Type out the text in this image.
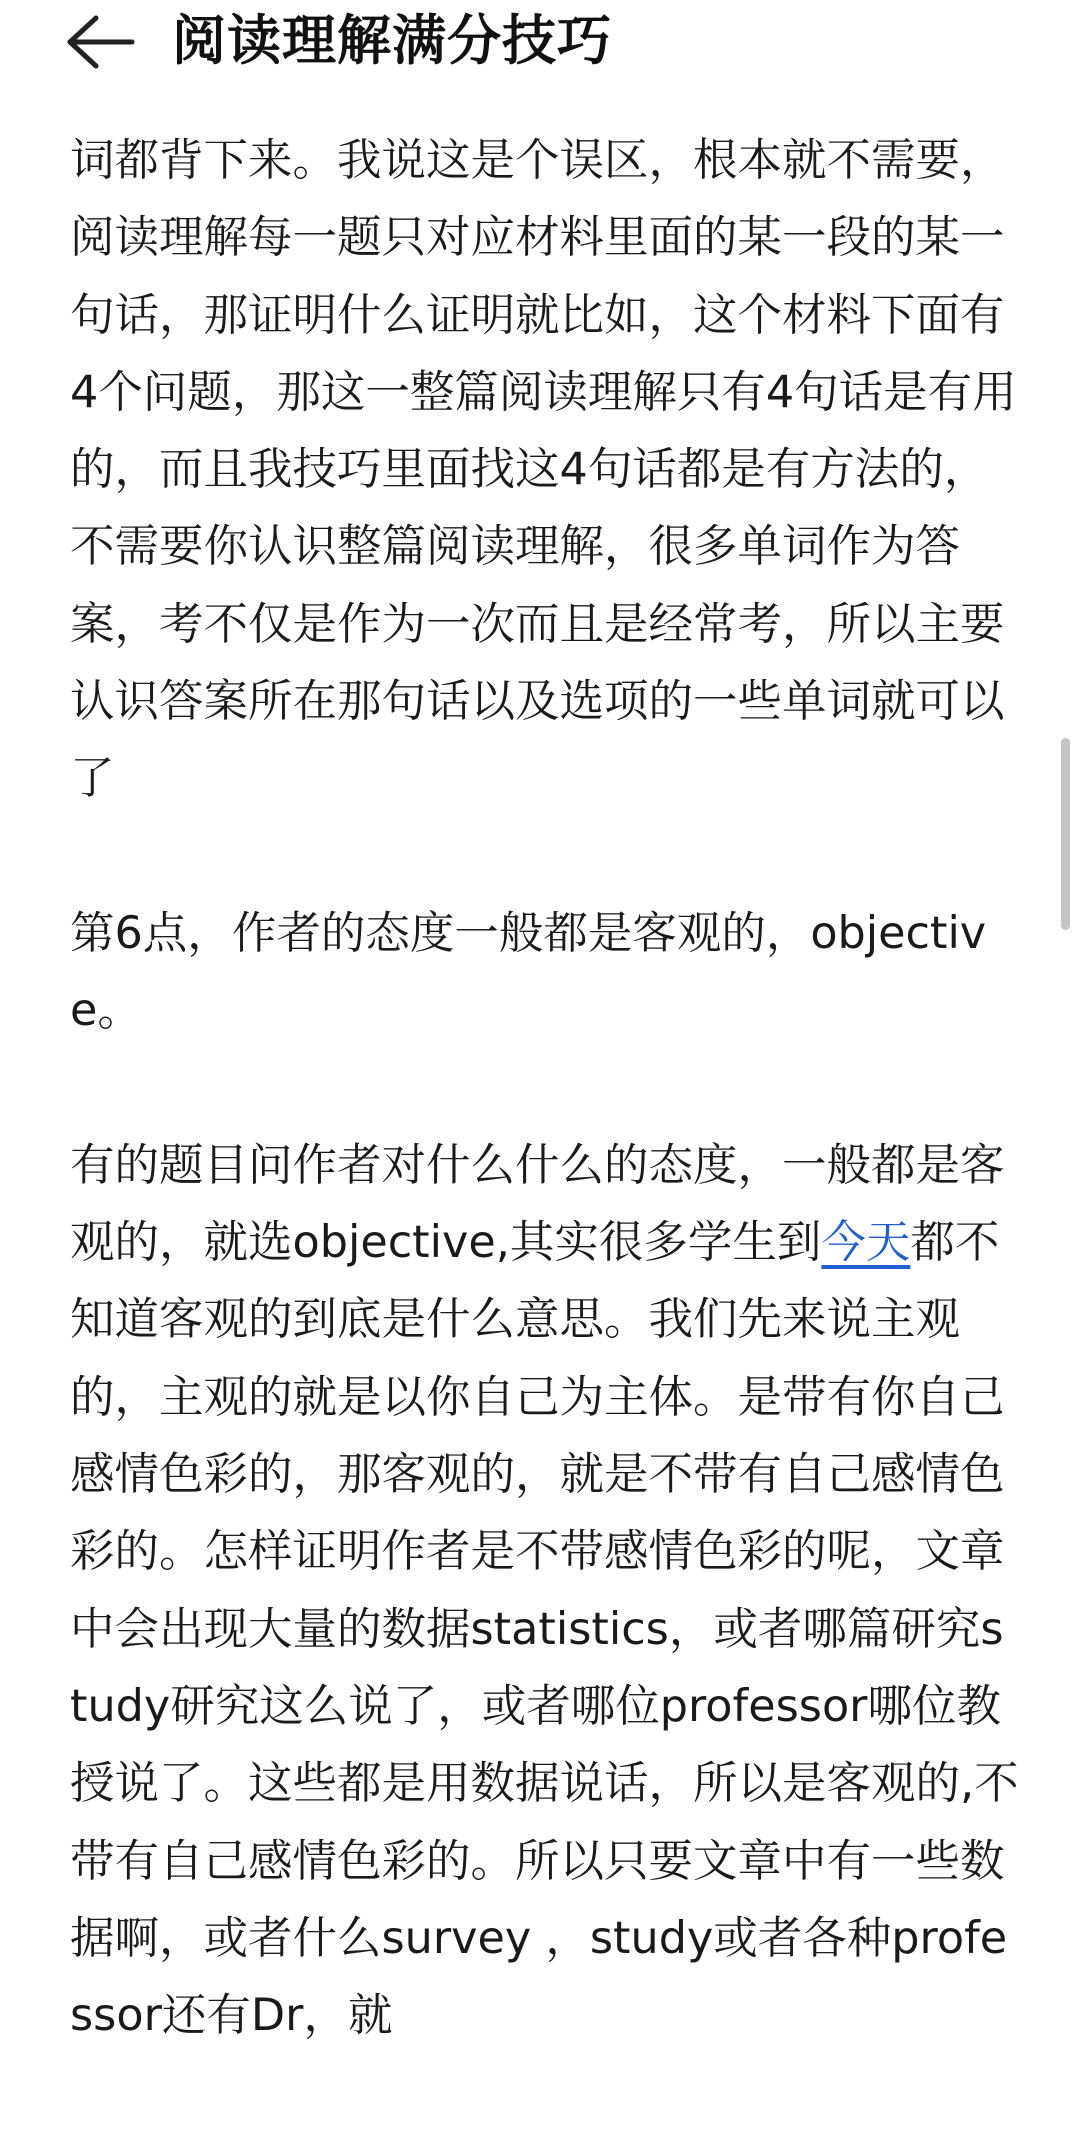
阅读理解满分技巧

词都背下来。我说这是个误区，根本就不需要，阅读理解每一题只对应材料里面的某一段的某一句话，那证明什么证明就比如，这个材料下面有4个问题，那这一整篇阅读理解只有4句话是有用的，而且我技巧里面找这4句话都是有方法的，不需要你认识整篇阅读理解，很多单词作为答案，考不仅是作为一次而且是经常考，所以主要认识答案所在那句话以及选项的一些单词就可以了

第6点，作者的态度一般都是客观的，objective。

有的题目问作者对什么什么的态度，一般都是客观的，就选objective,其实很多学生到今天都不知道客观的到底是什么意思。我们先来说主观的，主观的就是以你自己为主体。是带有你自己感情色彩的，那客观的，就是不带有自己感情色彩的。怎样证明作者是不带感情色彩的呢，文章中会出现大量的数据statistics，或者哪篇研究study研究这么说了，或者哪位professor哪位教授说了。这些都是用数据说话，所以是客观的,不带有自己感情色彩的。所以只要文章中有一些数据啊，或者什么survey ，study或者各种professor还有Dr，就
